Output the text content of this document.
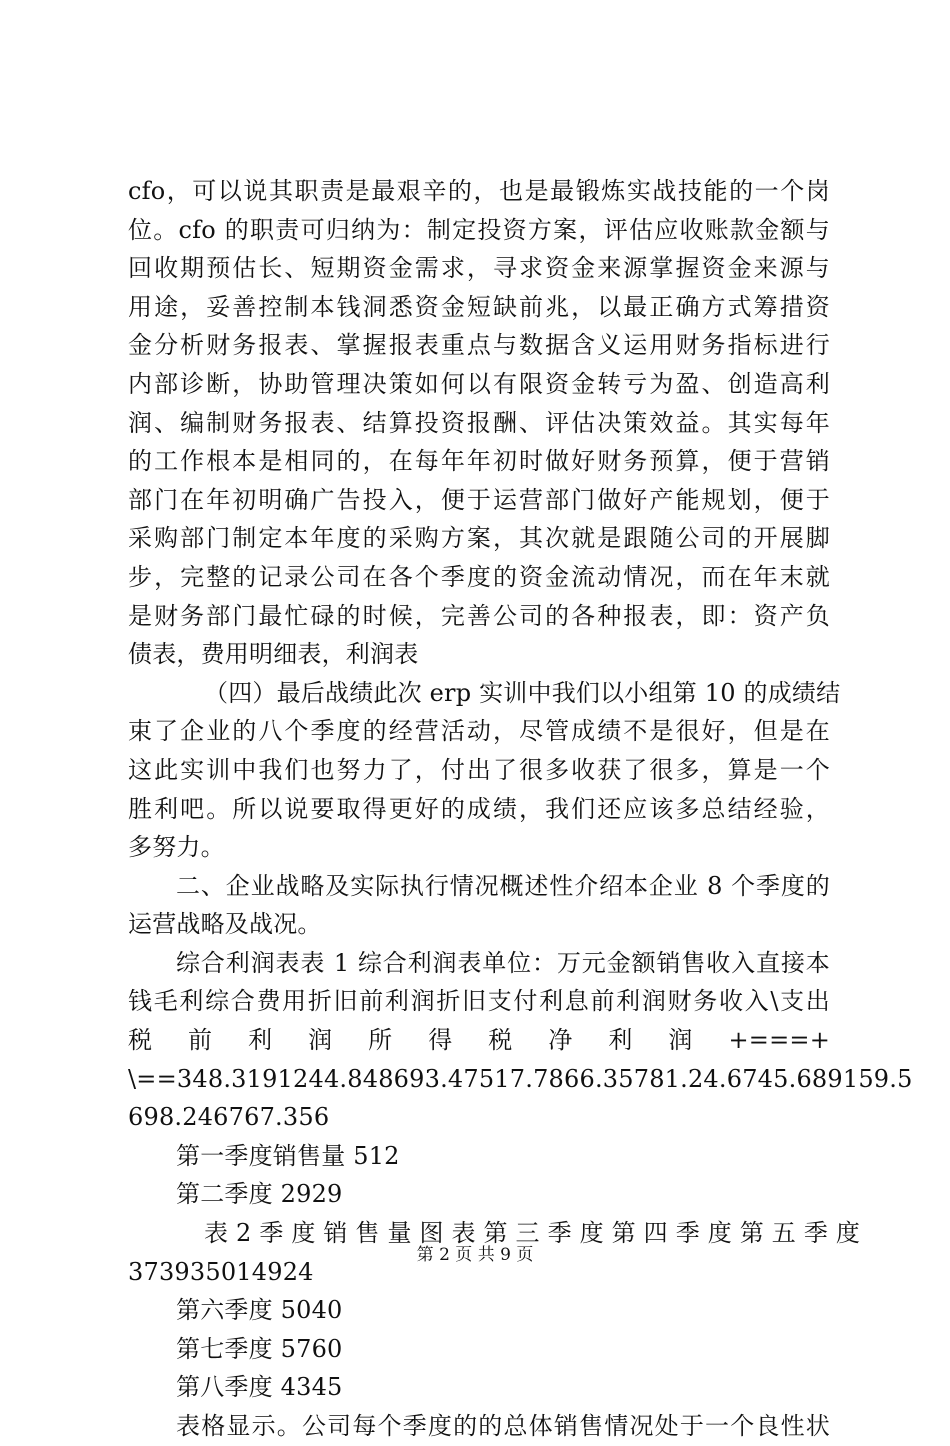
cfo，可以说其职责是最艰辛的，也是最锻炼实战技能的一个岗
位。cfo 的职责可归纳为：制定投资方案，评估应收账款金额与
回收期预估长、短期资金需求，寻求资金来源掌握资金来源与
用途，妥善控制本钱洞悉资金短缺前兆，以最正确方式筹措资
金分析财务报表、掌握报表重点与数据含义运用财务指标进行
内部诊断，协助管理决策如何以有限资金转亏为盈、创造高利
润、编制财务报表、结算投资报酬、评估决策效益。其实每年
的工作根本是相同的，在每年年初时做好财务预算，便于营销
部门在年初明确广告投入，便于运营部门做好产能规划，便于
采购部门制定本年度的采购方案，其次就是跟随公司的开展脚
步，完整的记录公司在各个季度的资金流动情况，而在年末就
是财务部门最忙碌的时候，完善公司的各种报表，即：资产负
债表，费用明细表，利润表
（四）最后战绩此次 erp 实训中我们以小组第 10 的成绩结
束了企业的八个季度的经营活动，尽管成绩不是很好，但是在
这此实训中我们也努力了，付出了很多收获了很多，算是一个
胜利吧。所以说要取得更好的成绩，我们还应该多总结经验，
多努力。
二、企业战略及实际执行情况概述性介绍本企业 8 个季度的
运营战略及战况。
综合利润表表 1 综合利润表单位：万元金额销售收入直接本
钱毛利综合费用折旧前利润折旧支付利息前利润财务收入\支出
税　前　利　润　所　得　税　净　利　润　+===+
\==348.3191244.848693.47517.7866.35781.24.6745.689159.5
698.246767.356
第一季度销售量 512
第二季度 2929
表 2 季 度 销 售 量 图 表 第 三 季 度 第 四 季 度 第 五 季 度
373935014924
第六季度 5040
第七季度 5760
第八季度 4345
表格显示。公司每个季度的的总体销售情况处于一个良性状
第 2 页 共 9 页
